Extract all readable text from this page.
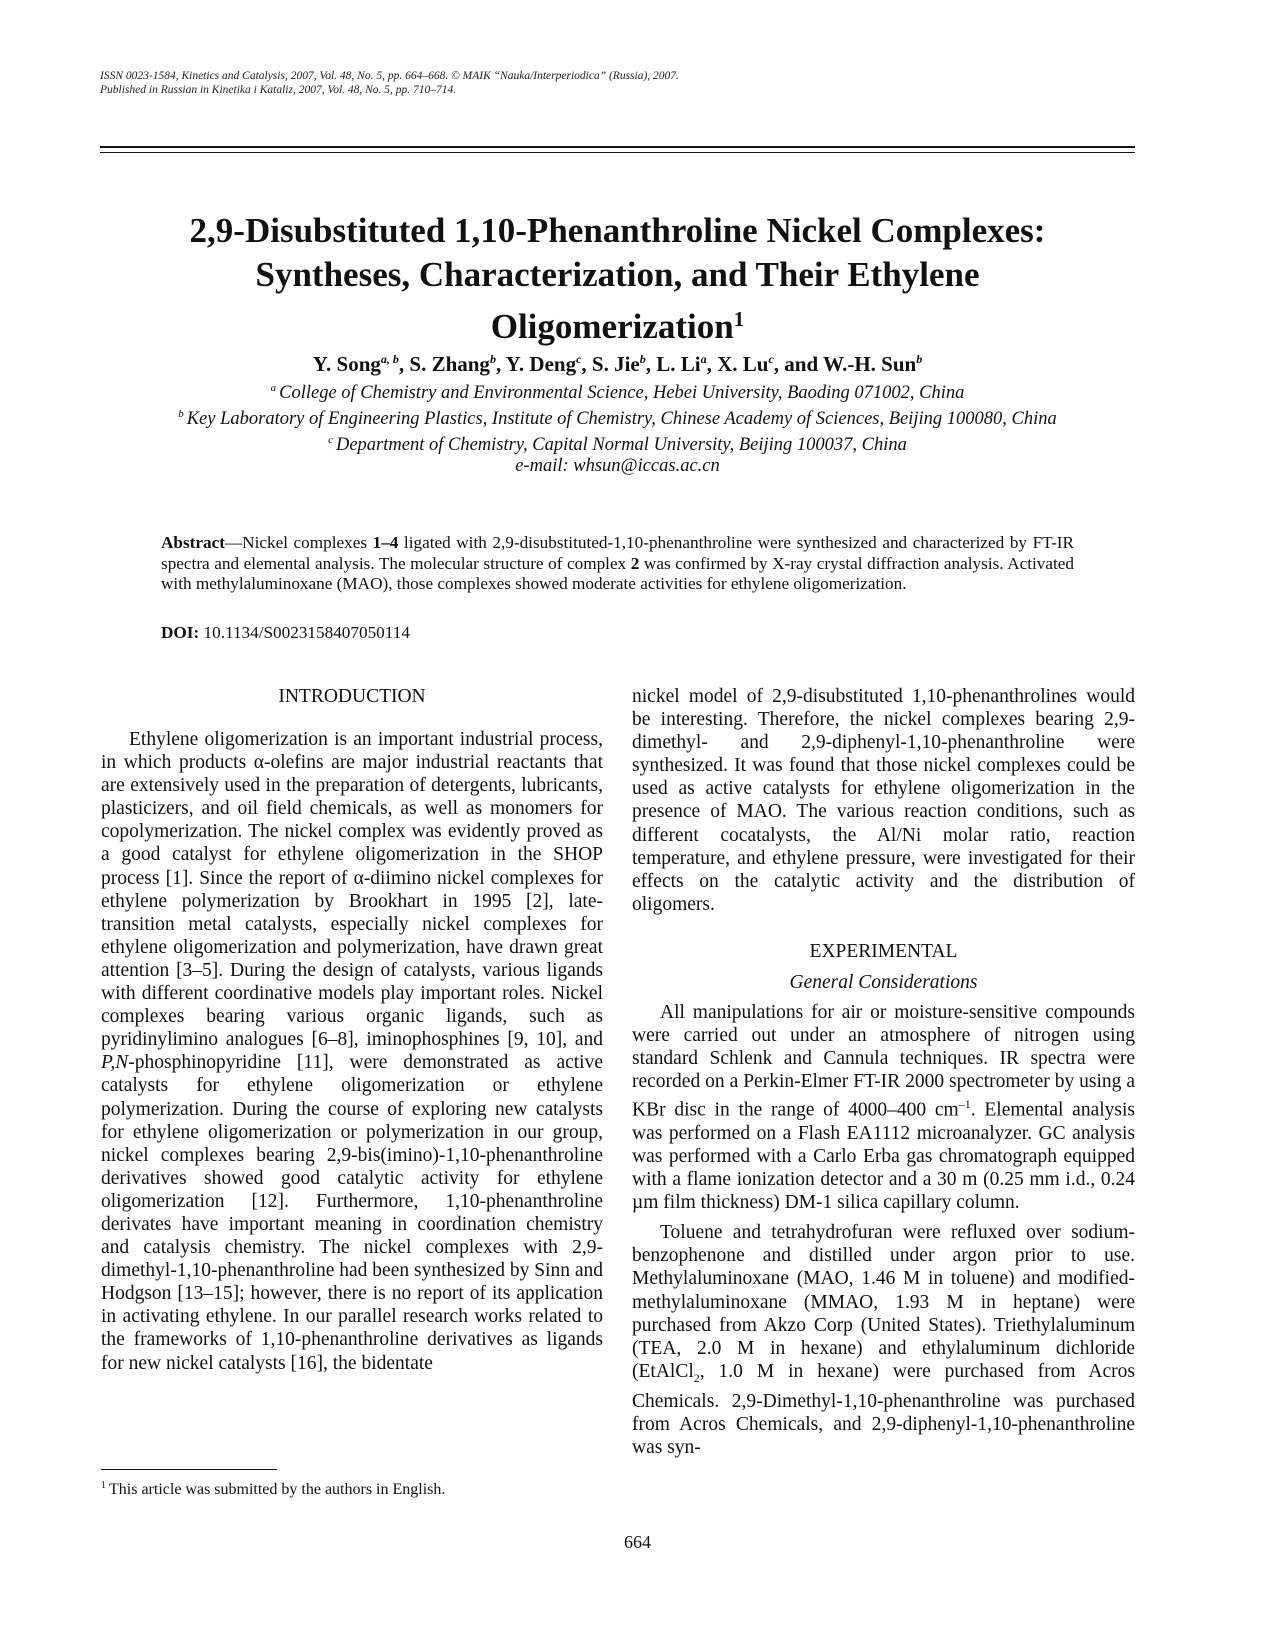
ISSN 0023-1584, Kinetics and Catalysis, 2007, Vol. 48, No. 5, pp. 664–668. © MAIK “Nauka/Interperiodica” (Russia), 2007.
Published in Russian in Kinetika i Kataliz, 2007, Vol. 48, No. 5, pp. 710–714.
2,9-Disubstituted 1,10-Phenanthroline Nickel Complexes:
Syntheses, Characterization, and Their Ethylene
Oligomerization$^1$
Y. Song$^{a, b}$, S. Zhang$^b$, Y. Deng$^c$, S. Jie$^b$, L. Li$^a$, X. Lu$^c$, and W.-H. Sun$^b$
$^a$ College of Chemistry and Environmental Science, Hebei University, Baoding 071002, China
$^b$ Key Laboratory of Engineering Plastics, Institute of Chemistry, Chinese Academy of Sciences, Beijing 100080, China
$^c$ Department of Chemistry, Capital Normal University, Beijing 100037, China
e-mail: whsun@iccas.ac.cn

Abstract—Nickel complexes 1–4 ligated with 2,9-disubstituted-1,10-phenanthroline were synthesized and characterized by FT-IR spectra and elemental analysis. The molecular structure of complex 2 was confirmed by X-ray crystal diffraction analysis. Activated with methylaluminoxane (MAO), those complexes showed moderate activities for ethylene oligomerization.

DOI: 10.1134/S0023158407050114
INTRODUCTION

Ethylene oligomerization is an important industrial process, in which products α-olefins are major industrial reactants that are extensively used in the preparation of detergents, lubricants, plasticizers, and oil field chemicals, as well as monomers for copolymerization. The nickel complex was evidently proved as a good catalyst for ethylene oligomerization in the SHOP process [1]. Since the report of α-diimino nickel complexes for ethylene polymerization by Brookhart in 1995 [2], late-transition metal catalysts, especially nickel complexes for ethylene oligomerization and polymerization, have drawn great attention [3–5]. During the design of catalysts, various ligands with different coordinative models play important roles. Nickel complexes bearing various organic ligands, such as pyridinylimino analogues [6–8], iminophosphines [9, 10], and P,N-phosphinopyridine [11], were demonstrated as active catalysts for ethylene oligomerization or ethylene polymerization. During the course of exploring new catalysts for ethylene oligomerization or polymerization in our group, nickel complexes bearing 2,9-bis(imino)-1,10-phenanthroline derivatives showed good catalytic activity for ethylene oligomerization [12]. Furthermore, 1,10-phenanthroline derivates have important meaning in coordination chemistry and catalysis chemistry. The nickel complexes with 2,9-dimethyl-1,10-phenanthroline had been synthesized by Sinn and Hodgson [13–15]; however, there is no report of its application in activating ethylene. In our parallel research works related to the frameworks of 1,10-phenanthroline derivatives as ligands for new nickel catalysts [16], the bidentate

nickel model of 2,9-disubstituted 1,10-phenanthrolines would be interesting. Therefore, the nickel complexes bearing 2,9-dimethyl- and 2,9-diphenyl-1,10-phenanthroline were synthesized. It was found that those nickel complexes could be used as active catalysts for ethylene oligomerization in the presence of MAO. The various reaction conditions, such as different cocatalysts, the Al/Ni molar ratio, reaction temperature, and ethylene pressure, were investigated for their effects on the catalytic activity and the distribution of oligomers.

EXPERIMENTAL
General Considerations

All manipulations for air or moisture-sensitive compounds were carried out under an atmosphere of nitrogen using standard Schlenk and Cannula techniques. IR spectra were recorded on a Perkin-Elmer FT-IR 2000 spectrometer by using a KBr disc in the range of 4000–400 $cm^{-1}$. Elemental analysis was performed on a Flash EA1112 microanalyzer. GC analysis was performed with a Carlo Erba gas chromatograph equipped with a flame ionization detector and a 30 m (0.25 mm i.d., 0.24 µm film thickness) DM-1 silica capillary column.

Toluene and tetrahydrofuran were refluxed over sodium-benzophenone and distilled under argon prior to use. Methylaluminoxane (MAO, 1.46 M in toluene) and modified-methylaluminoxane (MMAO, 1.93 M in heptane) were purchased from Akzo Corp (United States). Triethylaluminum (TEA, 2.0 M in hexane) and ethylaluminum dichloride (EtAlCl$_2$, 1.0 M in hexane) were purchased from Acros Chemicals. 2,9-Dimethyl-1,10-phenanthroline was purchased from Acros Chemicals, and 2,9-diphenyl-1,10-phenanthroline was syn-

$^1$ This article was submitted by the authors in English.
664
